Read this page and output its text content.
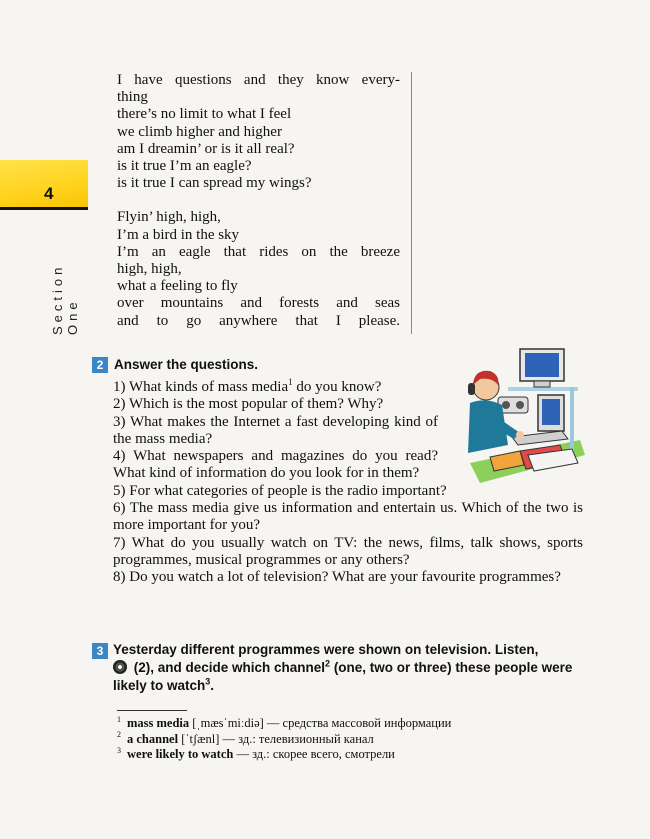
4
Section One
I have questions and they know every-
thing
there’s no limit to what I feel
we climb higher and higher
am I dreamin’ or is it all real?
is it true I’m an eagle?
is it true I can spread my wings?
Flyin’ high, high,
I’m a bird in the sky
I’m an eagle that rides on the breeze
high, high,
what a feeling to fly
over mountains and forests and seas
and to go anywhere that I please.
2 Answer the questions.
1) What kinds of mass media$^1$ do you know?
2) Which is the most popular of them? Why?
3) What makes the Internet a fast developing kind of the mass media?
4) What newspapers and magazines do you read? What kind of information do you look for in them?
5) For what categories of people is the radio important?
6) The mass media give us information and entertain us. Which of the two is more important for you?
7) What do you usually watch on TV: the news, films, talk shows, sports programmes, musical programmes or any others?
8) Do you watch a lot of television? What are your favourite programmes?
3 Yesterday different programmes were shown on television. Listen,
(2), and decide which channel$^2$ (one, two or three) these people were likely to watch$^3$.
$^1$ mass media [ˌmæsˈmiːdiə] — средства массовой информации
$^2$ a channel [ˈtʃænl] — зд.: телевизионный канал
$^3$ were likely to watch — зд.: скорее всего, смотрели
